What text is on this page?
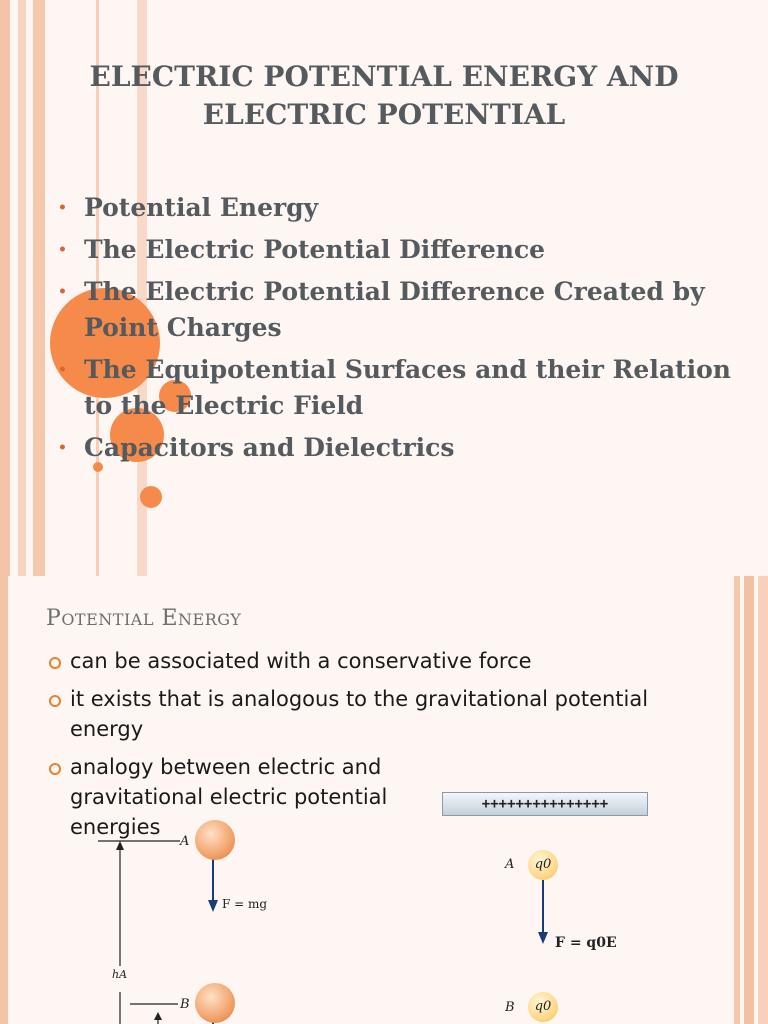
ELECTRIC POTENTIAL ENERGY AND
ELECTRIC POTENTIAL
• Potential Energy
• The Electric Potential Difference
• The Electric Potential Difference Created by Point Charges
• The Equipotential Surfaces and their Relation to the Electric Field
• Capacitors and Dielectrics
POTENTIAL ENERGY
can be associated with a conservative force
it exists that is analogous to the gravitational potential energy
analogy between electric and gravitational electric potential energies
A
F = mg
hA
B
+++++++++++++++
A	q0
F = q0E
B	q0
